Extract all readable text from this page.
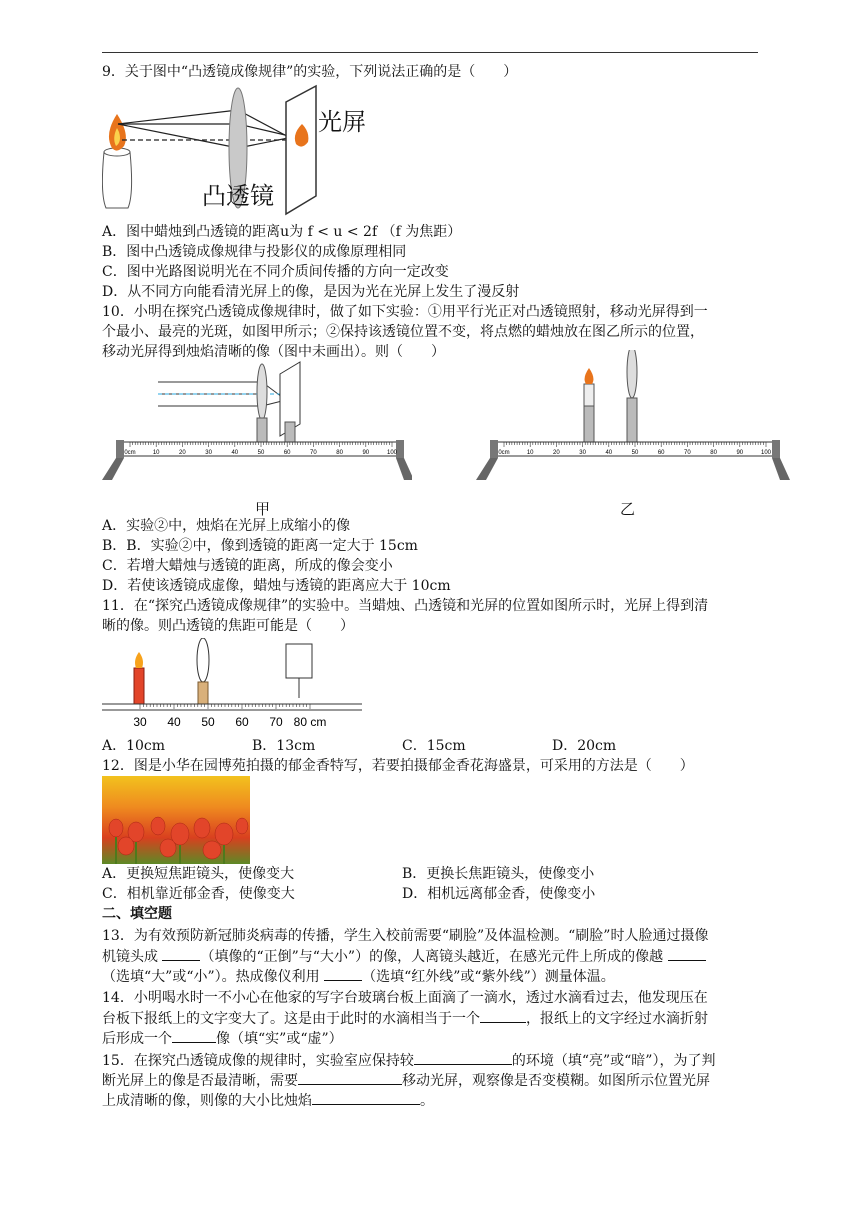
9．关于图中“凸透镜成像规律”的实验，下列说法正确的是（　　）
光屏
凸透镜
A．图中蜡烛到凸透镜的距离u为 f < u < 2f （f 为焦距）
B．图中凸透镜成像规律与投影仪的成像原理相同
C．图中光路图说明光在不同介质间传播的方向一定改变
D．从不同方向能看清光屏上的像，是因为光在光屏上发生了漫反射
10．小明在探究凸透镜成像规律时，做了如下实验：①用平行光正对凸透镜照射，移动光屏得到一
个最小、最亮的光斑，如图甲所示；②保持该透镜位置不变，将点燃的蜡烛放在图乙所示的位置，
移动光屏得到烛焰清晰的像（图中未画出）。则（　　）
0cm	10	20	30	40	50	60	70	80	90	100
甲
0cm	10	20	30	40	50	60	70	80	90	100
乙
A．实验②中，烛焰在光屏上成缩小的像
B．B．实验②中，像到透镜的距离一定大于 15cm
C．若增大蜡烛与透镜的距离，所成的像会变小
D．若使该透镜成虚像，蜡烛与透镜的距离应大于 10cm
11．在“探究凸透镜成像规律”的实验中。当蜡烛、凸透镜和光屏的位置如图所示时，光屏上得到清
晰的像。则凸透镜的焦距可能是（　　）
30 40 50 60 70 80 cm
A．10cm	B．13cm	C．15cm	D．20cm
12．图是小华在园博苑拍摄的郁金香特写，若要拍摄郁金香花海盛景，可采用的方法是（　　）
A．更换短焦距镜头，使像变大	B．更换长焦距镜头，使像变小
C．相机靠近郁金香，使像变大	D．相机远离郁金香，使像变小
二、填空题
13．为有效预防新冠肺炎病毒的传播，学生入校前需要“刷脸”及体温检测。“刷脸”时人脸通过摄像
机镜头成	（填像的“正倒”与“大小”）的像，人离镜头越近，在感光元件上所成的像越
（选填“大”或“小”）。热成像仪利用	（选填“红外线”或“紫外线”）测量体温。
14．小明喝水时一不小心在他家的写字台玻璃台板上面滴了一滴水，透过水滴看过去，他发现压在
台板下报纸上的文字变大了。这是由于此时的水滴相当于一个	，报纸上的文字经过水滴折射
后形成一个	像（填“实”或“虚”）
15．在探究凸透镜成像的规律时，实验室应保持较	的环境（填“亮”或“暗”），为了判
断光屏上的像是否最清晰，需要	移动光屏，观察像是否变模糊。如图所示位置光屏
上成清晰的像，则像的大小比烛焰	。
